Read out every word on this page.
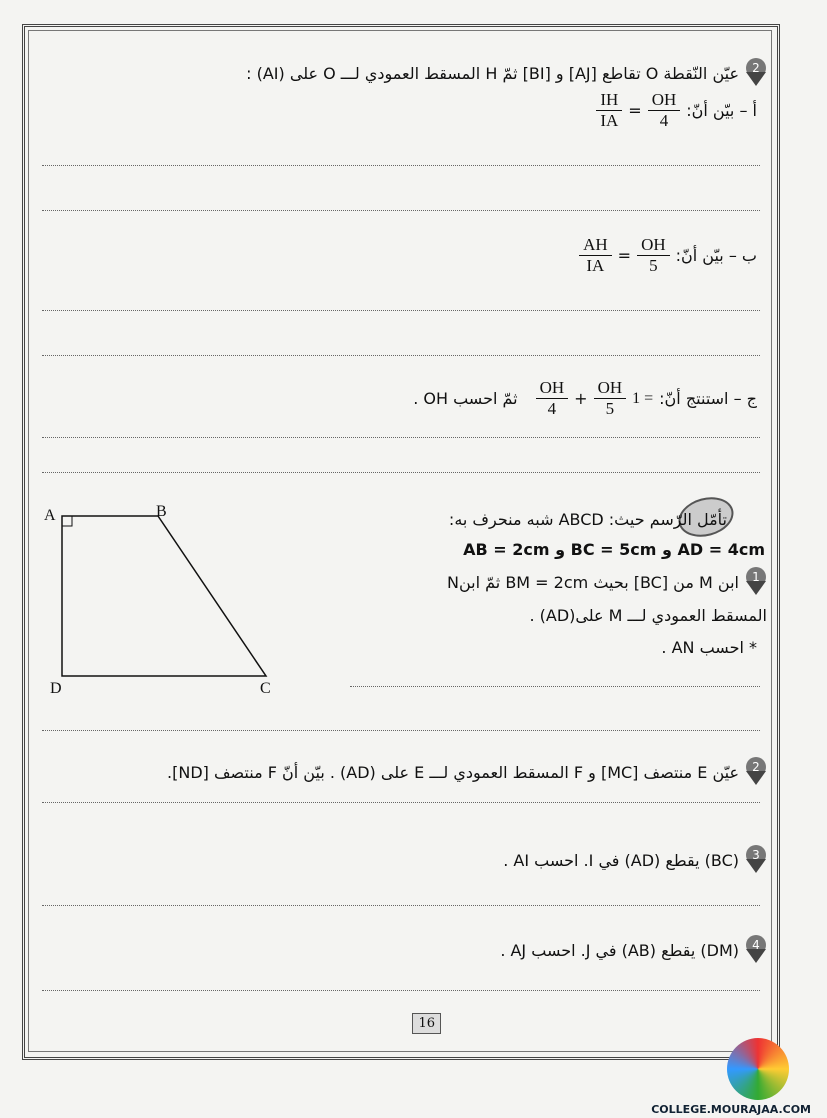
2
عيّن النّقطة O تقاطع [AJ] و [BI] ثمّ H المسقط العمودي لـــ O على (AI) :
أ – بيّن أنّ:
$\frac{OH}{4}$
=
$\frac{IH}{IA}$
ب – بيّن أنّ:
$\frac{OH}{5}$
=
$\frac{AH}{IA}$
ج – استنتج أنّ:
1 =
$\frac{OH}{5}$
+
$\frac{OH}{4}$
ثمّ احسب OH .
تأمّل الرّسم حيث: ABCD شبه منحرف به:
AD = 4cm و BC = 5cm و AB = 2cm
1
ابن M من [BC] بحيث BM = 2cm ثمّ ابنN
المسقط العمودي لـــ M على(AD) .
* احسب AN .
A	B
C
D
2
عيّن E منتصف [MC] و F المسقط العمودي لـــ E على (AD) . بيّن أنّ F منتصف [ND].
3
(BC) يقطع (AD) في I. احسب AI .
4
(DM) يقطع (AB) في J. احسب AJ .
16
COLLEGE.MOURAJAA.COM
